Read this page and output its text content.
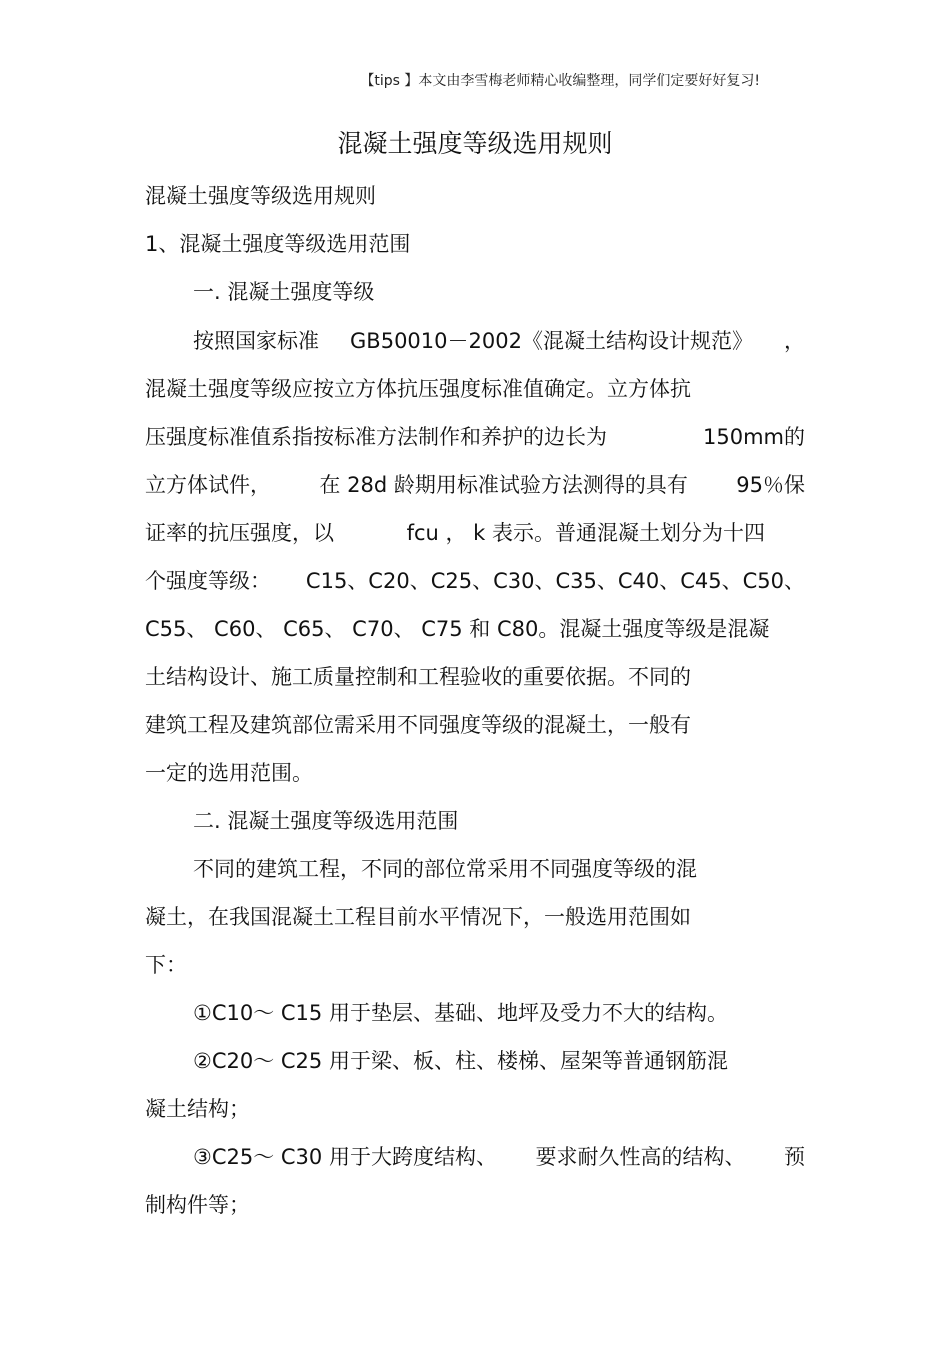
【tips 】本文由李雪梅老师精心收编整理，同学们定要好好复习!
混凝土强度等级选用规则
混凝土强度等级选用规则
1、混凝土强度等级选用范围
一. 混凝土强度等级
按照国家标准 GB50010－2002《混凝土结构设计规范》 ，
混凝土强度等级应按立方体抗压强度标准值确定。立方体抗
压强度标准值系指按标准方法制作和养护的边长为	150mm的
立方体试件， 在 28d 龄期用标准试验方法测得的具有 95％保
证率的抗压强度，以	fcu ， k 表示。普通混凝土划分为十四
个强度等级： C15、C20、C25、C30、C35、C40、C45、C50、
C55、 C60、 C65、 C70、 C75 和 C80。混凝土强度等级是混凝
土结构设计、施工质量控制和工程验收的重要依据。不同的
建筑工程及建筑部位需采用不同强度等级的混凝土，一般有
一定的选用范围。
二. 混凝土强度等级选用范围
不同的建筑工程，不同的部位常采用不同强度等级的混
凝土，在我国混凝土工程目前水平情况下，一般选用范围如
下：
①C10～ C15 用于垫层、基础、地坪及受力不大的结构。
②C20～ C25 用于梁、板、柱、楼梯、屋架等普通钢筋混
凝土结构；
③C25～ C30 用于大跨度结构、 要求耐久性高的结构、 预
制构件等；
